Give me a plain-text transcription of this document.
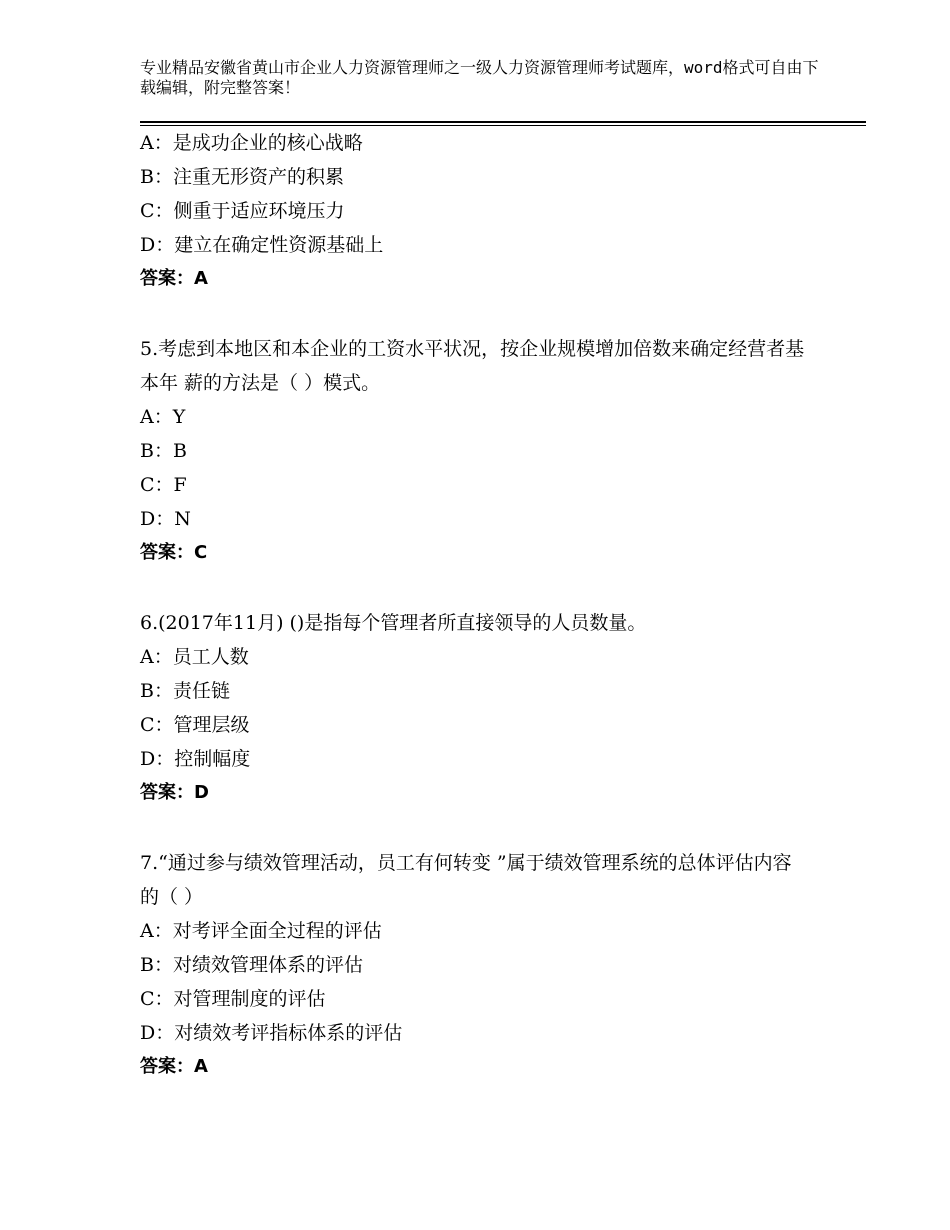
专业精品安徽省黄山市企业人力资源管理师之一级人力资源管理师考试题库，word格式可自由下载编辑，附完整答案！
A：是成功企业的核心战略
B：注重无形资产的积累
C：侧重于适应环境压力
D：建立在确定性资源基础上
答案：A
5.考虑到本地区和本企业的工资水平状况，按企业规模增加倍数来确定经营者基本年 薪的方法是（ ）模式。
A：Y
B：B
C：F
D：N
答案：C
6.(2017年11月) ()是指每个管理者所直接领导的人员数量。
A：员工人数
B：责任链
C：管理层级
D：控制幅度
答案：D
7.“通过参与绩效管理活动，员工有何转变 ”属于绩效管理系统的总体评估内容的（ ）
A：对考评全面全过程的评估
B：对绩效管理体系的评估
C：对管理制度的评估
D：对绩效考评指标体系的评估
答案：A
